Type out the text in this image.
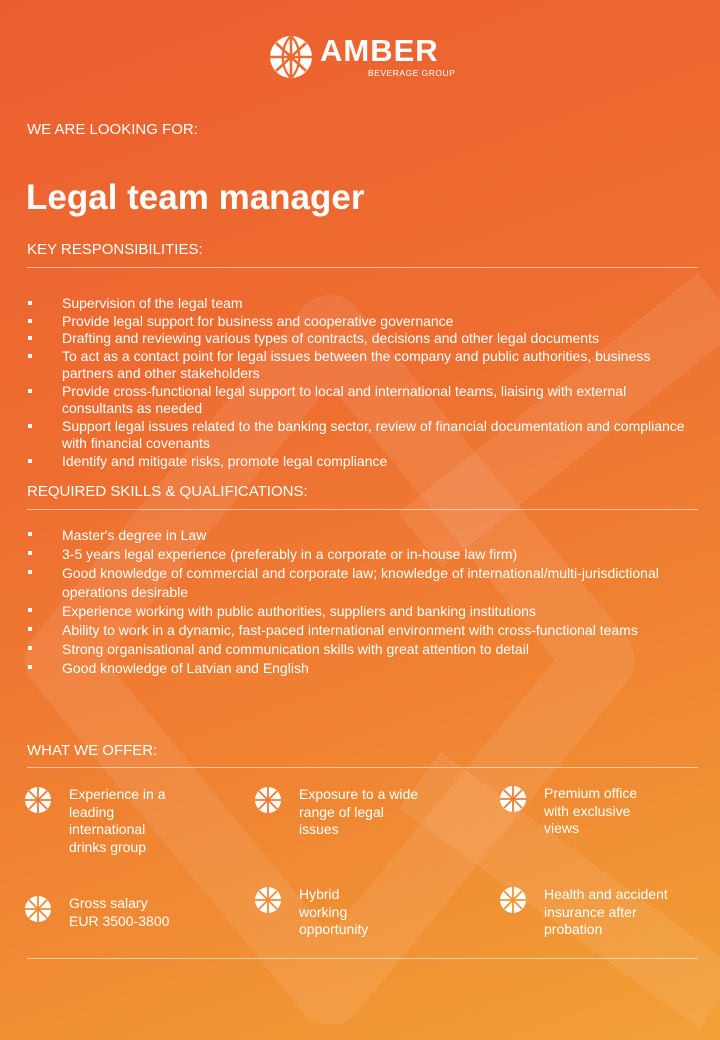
AMBER
BEVERAGE GROUP
WE ARE LOOKING FOR:
Legal team manager
KEY RESPONSIBILITIES:
Supervision of the legal team
Provide legal support for business and cooperative governance
Drafting and reviewing various types of contracts, decisions and other legal documents
To act as a contact point for legal issues between the company and public authorities, business partners and other stakeholders
Provide cross-functional legal support to local and international teams, liaising with external consultants as needed
Support legal issues related to the banking sector, review of financial documentation and compliance with financial covenants
Identify and mitigate risks, promote legal compliance
REQUIRED SKILLS & QUALIFICATIONS:
Master's degree in Law
3-5 years legal experience (preferably in a corporate or in-house law firm)
Good knowledge of commercial and corporate law; knowledge of international/multi-jurisdictional operations desirable
Experience working with public authorities, suppliers and banking institutions
Ability to work in a dynamic, fast-paced international environment with cross-functional teams
Strong organisational and communication skills with great attention to detail
Good knowledge of Latvian and English
WHAT WE OFFER:
Experience in a
leading
international
drinks group
Exposure to a wide
range of legal
issues
Premium office
with exclusive
views
Gross salary
EUR 3500-3800
Hybrid
working
opportunity
Health and accident
insurance after
probation
